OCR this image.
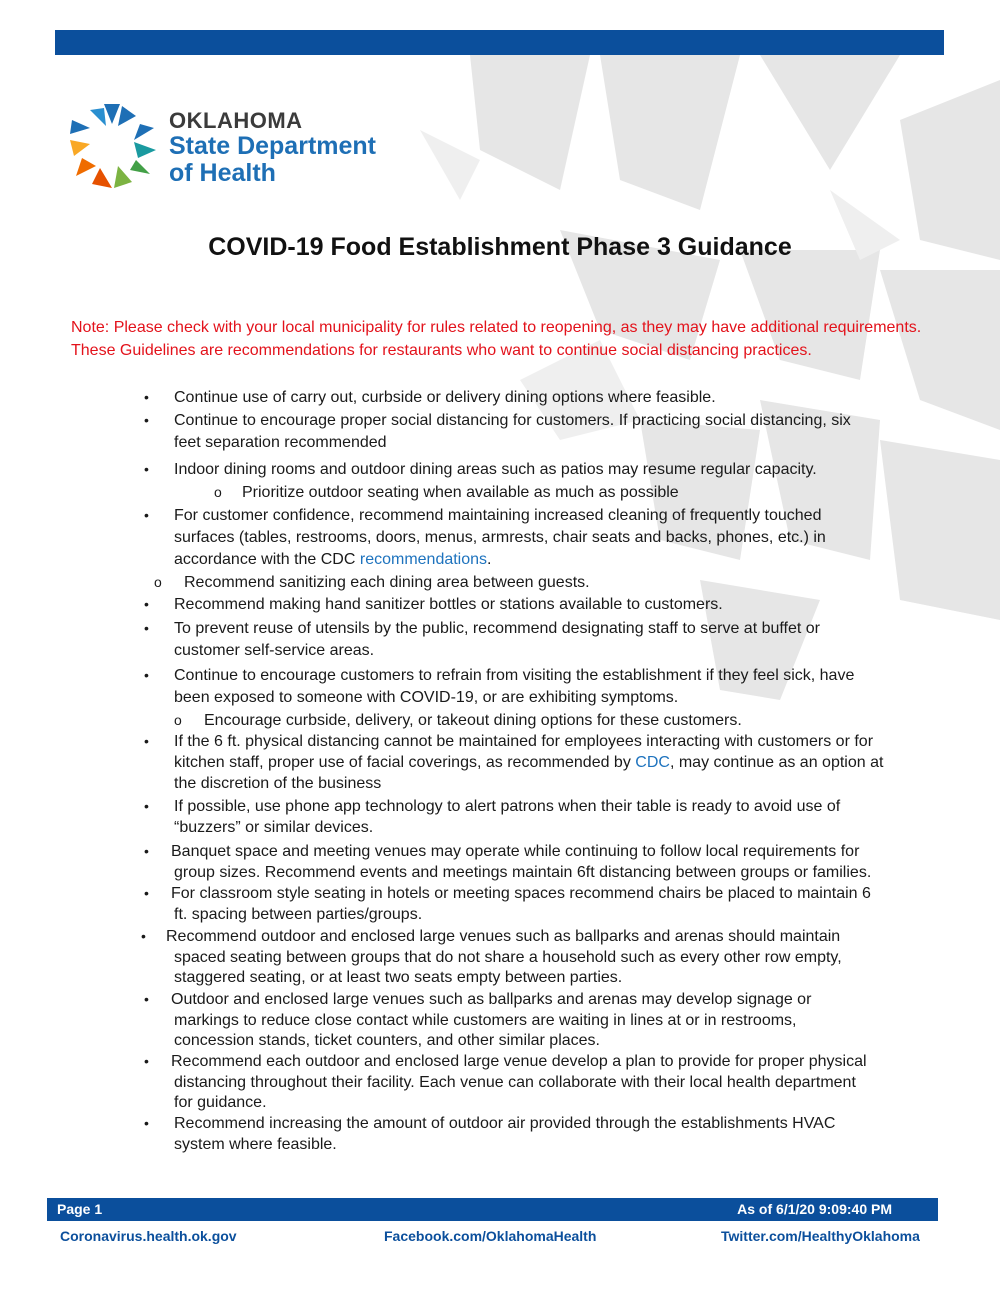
OKLAHOMA
State Department
of Health
COVID-19 Food Establishment Phase 3 Guidance

Note: Please check with your local municipality for rules related to reopening, as they may have additional requirements. These Guidelines are recommendations for restaurants who want to continue social distancing practices.

• Continue use of carry out, curbside or delivery dining options where feasible.

• Continue to encourage proper social distancing for customers. If practicing social distancing, six

feet separation recommended

• Indoor dining rooms and outdoor dining areas such as patios may resume regular capacity.

o Prioritize outdoor seating when available as much as possible

• For customer confidence, recommend maintaining increased cleaning of frequently touched

surfaces (tables, restrooms, doors, menus, armrests, chair seats and backs, phones, etc.) in

accordance with the CDC recommendations.

o Recommend sanitizing each dining area between guests.

• Recommend making hand sanitizer bottles or stations available to customers.

• To prevent reuse of utensils by the public, recommend designating staff to serve at buffet or

customer self-service areas.

• Continue to encourage customers to refrain from visiting the establishment if they feel sick, have

been exposed to someone with COVID-19, or are exhibiting symptoms.

o Encourage curbside, delivery, or takeout dining options for these customers.

• If the 6 ft. physical distancing cannot be maintained for employees interacting with customers or for

kitchen staff, proper use of facial coverings, as recommended by CDC, may continue as an option at

the discretion of the business

• If possible, use phone app technology to alert patrons when their table is ready to avoid use of

“buzzers” or similar devices.

• Banquet space and meeting venues may operate while continuing to follow local requirements for

group sizes. Recommend events and meetings maintain 6ft distancing between groups or families.

• For classroom style seating in hotels or meeting spaces recommend chairs be placed to maintain 6

ft. spacing between parties/groups.

• Recommend outdoor and enclosed large venues such as ballparks and arenas should maintain

spaced seating between groups that do not share a household such as every other row empty,

staggered seating, or at least two seats empty between parties.

• Outdoor and enclosed large venues such as ballparks and arenas may develop signage or

markings to reduce close contact while customers are waiting in lines at or in restrooms,

concession stands, ticket counters, and other similar places.

• Recommend each outdoor and enclosed large venue develop a plan to provide for proper physical

distancing throughout their facility. Each venue can collaborate with their local health department

for guidance.

• Recommend increasing the amount of outdoor air provided through the establishments HVAC

system where feasible.

Page 1	As of 6/1/20 9:09:40 PM
Coronavirus.health.ok.gov	Facebook.com/OklahomaHealth	Twitter.com/HealthyOklahoma
